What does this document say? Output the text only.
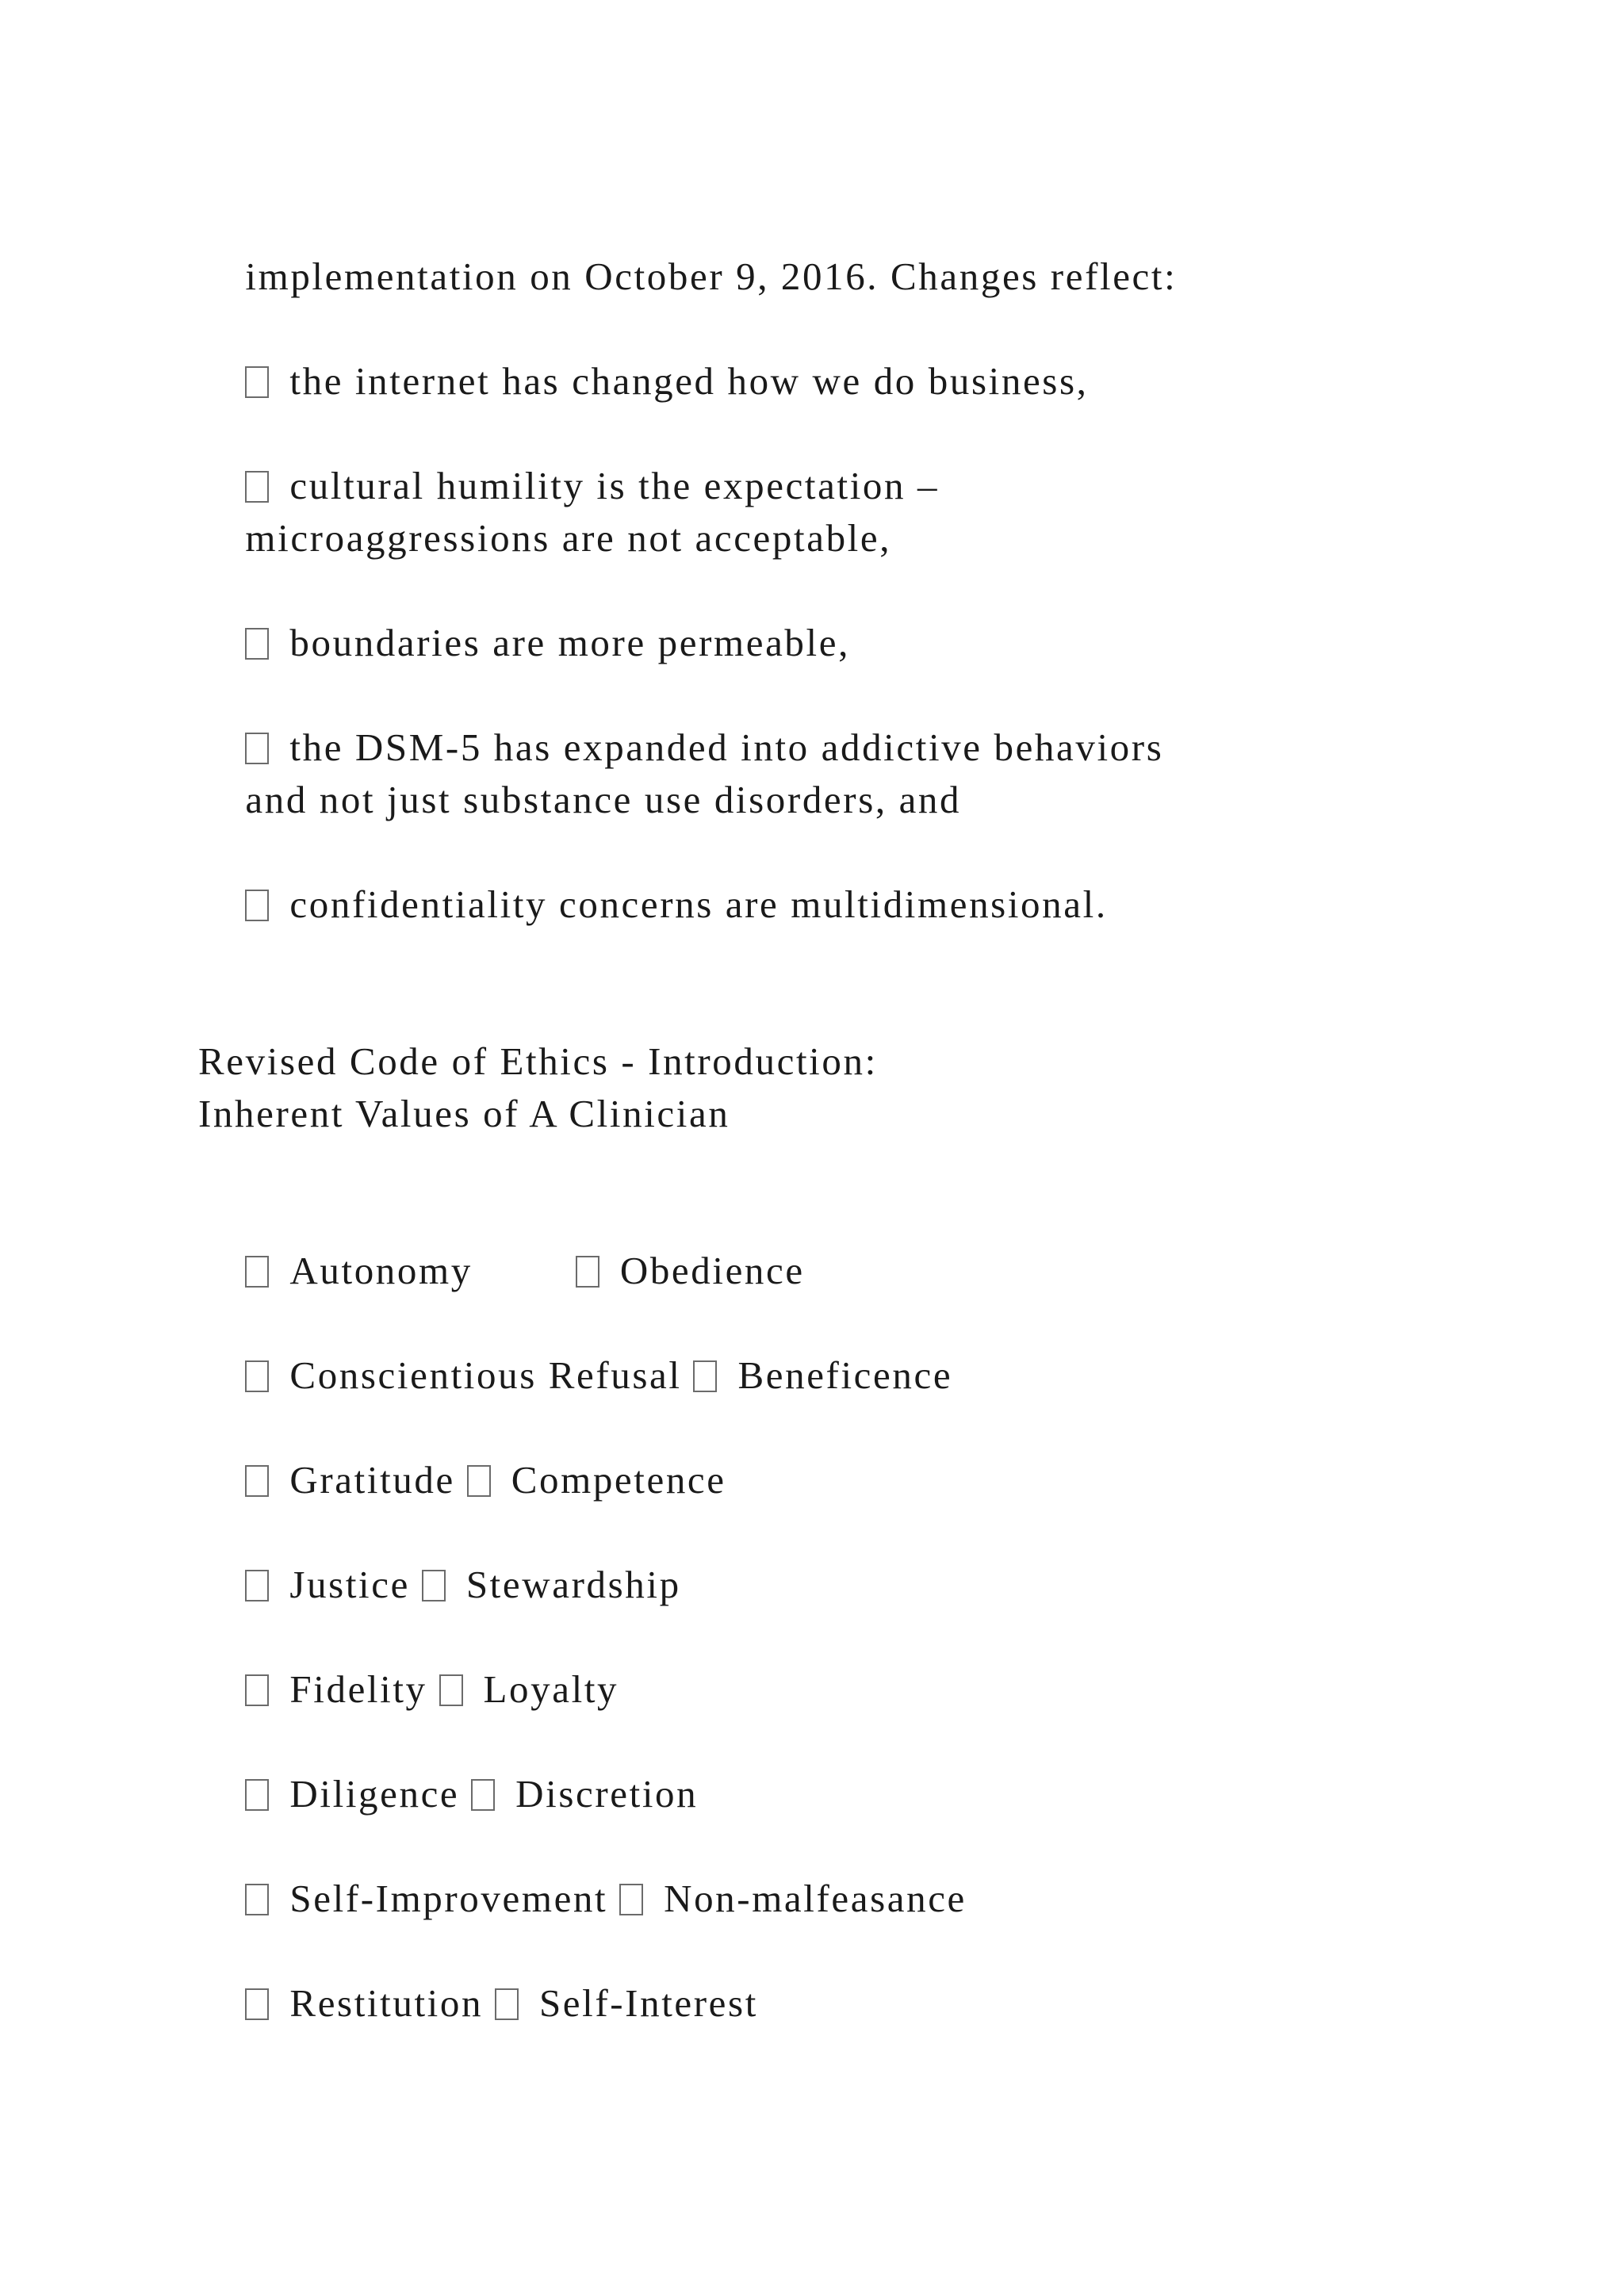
implementation on October 9, 2016. Changes reflect:

the internet has changed how we do business,

cultural humility is the expectation –

microaggressions are not acceptable,

boundaries are more permeable,

the DSM-5 has expanded into addictive behaviors

and not just substance use disorders, and

confidentiality concerns are multidimensional.

Revised Code of Ethics - Introduction:
Inherent Values of A Clinician

Autonomy	Obedience

Conscientious Refusal Beneficence

Gratitude Competence

Justice Stewardship

Fidelity Loyalty

Diligence Discretion

Self-Improvement Non-malfeasance

Restitution Self-Interest
